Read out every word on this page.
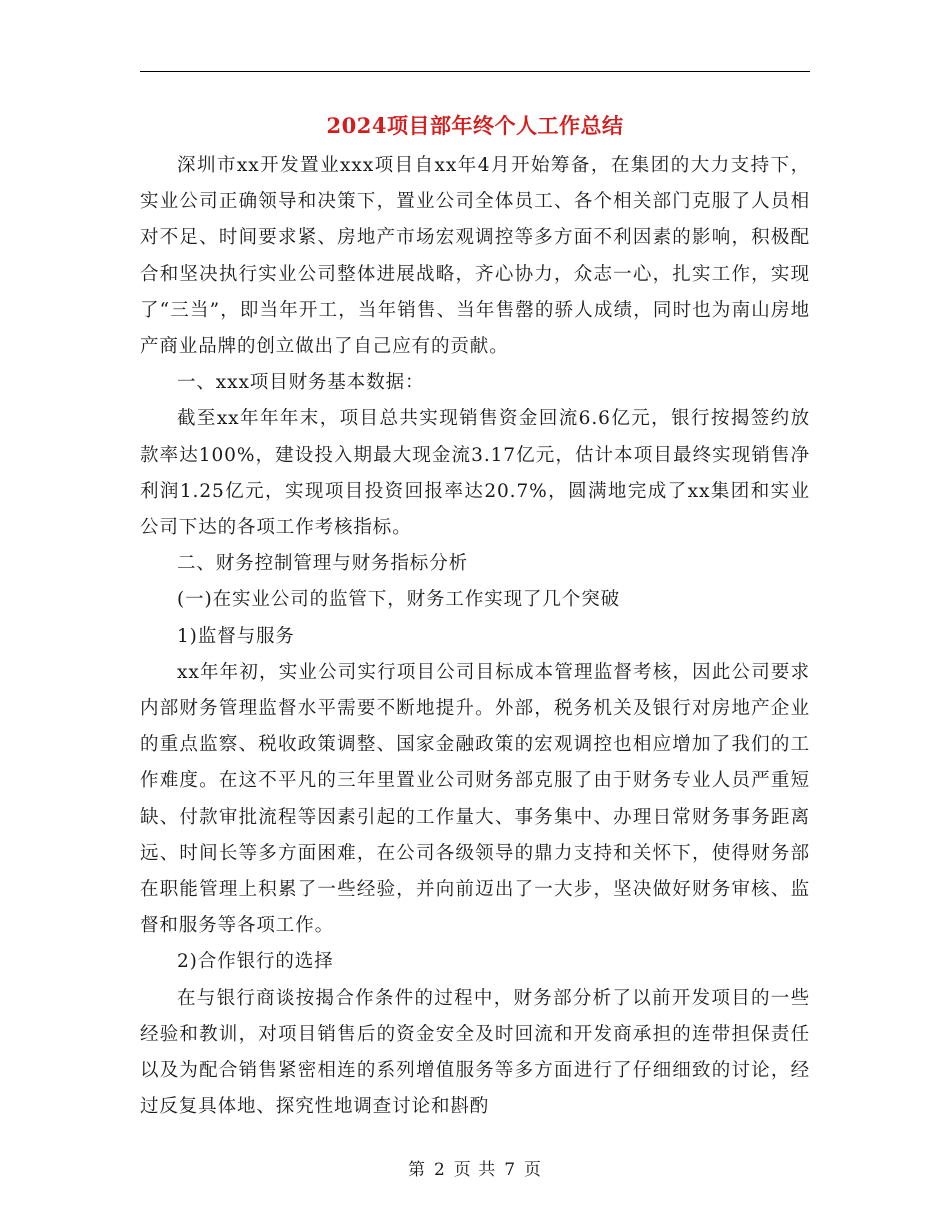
2024项目部年终个人工作总结

深圳市xx开发置业xxx项目自xx年4月开始筹备，在集团的大力支持下，实业公司正确领导和决策下，置业公司全体员工、各个相关部门克服了人员相对不足、时间要求紧、房地产市场宏观调控等多方面不利因素的影响，积极配合和坚决执行实业公司整体进展战略，齐心协力，众志一心，扎实工作，实现了“三当”，即当年开工，当年销售、当年售罄的骄人成绩，同时也为南山房地产商业品牌的创立做出了自己应有的贡献。

一、xxx项目财务基本数据：

截至xx年年年末，项目总共实现销售资金回流6.6亿元，银行按揭签约放款率达100%，建设投入期最大现金流3.17亿元，估计本项目最终实现销售净利润1.25亿元，实现项目投资回报率达20.7%，圆满地完成了xx集团和实业公司下达的各项工作考核指标。

二、财务控制管理与财务指标分析

(一)在实业公司的监管下，财务工作实现了几个突破

1)监督与服务

xx年年初，实业公司实行项目公司目标成本管理监督考核，因此公司要求内部财务管理监督水平需要不断地提升。外部，税务机关及银行对房地产企业的重点监察、税收政策调整、国家金融政策的宏观调控也相应增加了我们的工作难度。在这不平凡的三年里置业公司财务部克服了由于财务专业人员严重短缺、付款审批流程等因素引起的工作量大、事务集中、办理日常财务事务距离远、时间长等多方面困难，在公司各级领导的鼎力支持和关怀下，使得财务部在职能管理上积累了一些经验，并向前迈出了一大步，坚决做好财务审核、监督和服务等各项工作。

2)合作银行的选择

在与银行商谈按揭合作条件的过程中，财务部分析了以前开发项目的一些经验和教训，对项目销售后的资金安全及时回流和开发商承担的连带担保责任以及为配合销售紧密相连的系列增值服务等多方面进行了仔细细致的讨论，经过反复具体地、探究性地调查讨论和斟酌

第 2 页 共 7 页
